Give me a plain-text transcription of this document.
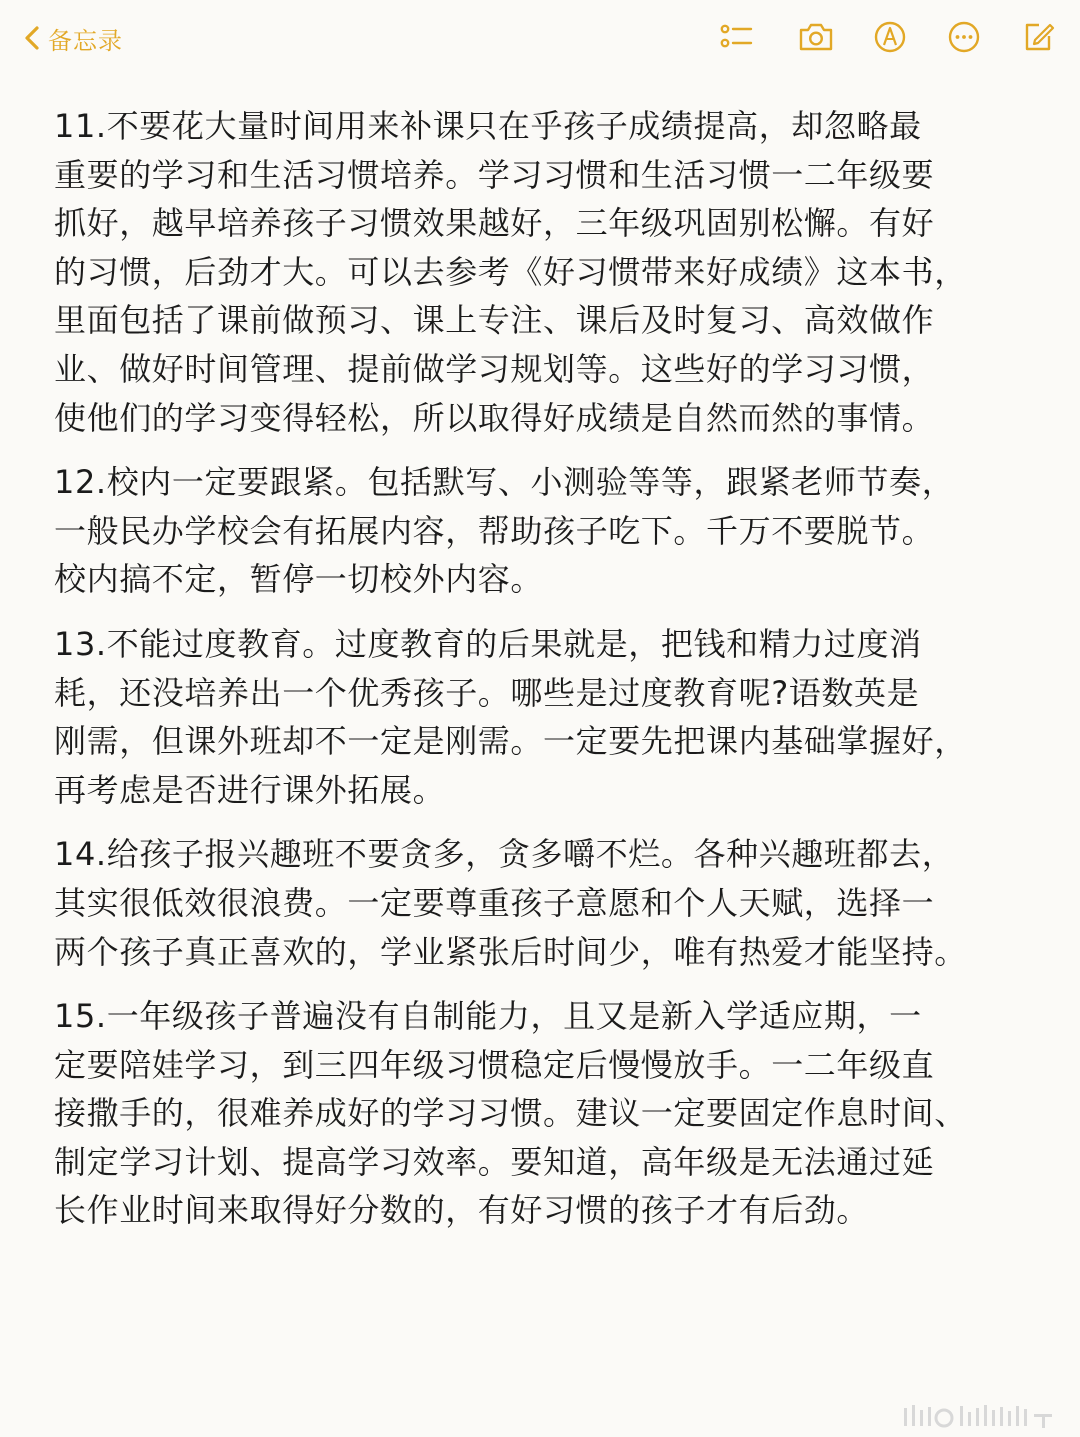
备忘录

11.不要花大量时间用来补课只在乎孩子成绩提高，却忽略最
重要的学习和生活习惯培养。学习习惯和生活习惯一二年级要
抓好，越早培养孩子习惯效果越好，三年级巩固别松懈。有好
的习惯，后劲才大。可以去参考《好习惯带来好成绩》这本书，
里面包括了课前做预习、课上专注、课后及时复习、高效做作
业、做好时间管理、提前做学习规划等。这些好的学习习惯，
使他们的学习变得轻松，所以取得好成绩是自然而然的事情。

12.校内一定要跟紧。包括默写、小测验等等，跟紧老师节奏，
一般民办学校会有拓展内容，帮助孩子吃下。千万不要脱节。
校内搞不定，暂停一切校外内容。

13.不能过度教育。过度教育的后果就是，把钱和精力过度消
耗，还没培养出一个优秀孩子。哪些是过度教育呢?语数英是
刚需，但课外班却不一定是刚需。一定要先把课内基础掌握好，
再考虑是否进行课外拓展。

14.给孩子报兴趣班不要贪多，贪多嚼不烂。各种兴趣班都去，
其实很低效很浪费。一定要尊重孩子意愿和个人天赋，选择一
两个孩子真正喜欢的，学业紧张后时间少，唯有热爱才能坚持。

15.一年级孩子普遍没有自制能力，且又是新入学适应期，一
定要陪娃学习，到三四年级习惯稳定后慢慢放手。一二年级直
接撒手的，很难养成好的学习习惯。建议一定要固定作息时间、
制定学习计划、提高学习效率。要知道，高年级是无法通过延
长作业时间来取得好分数的，有好习惯的孩子才有后劲。
